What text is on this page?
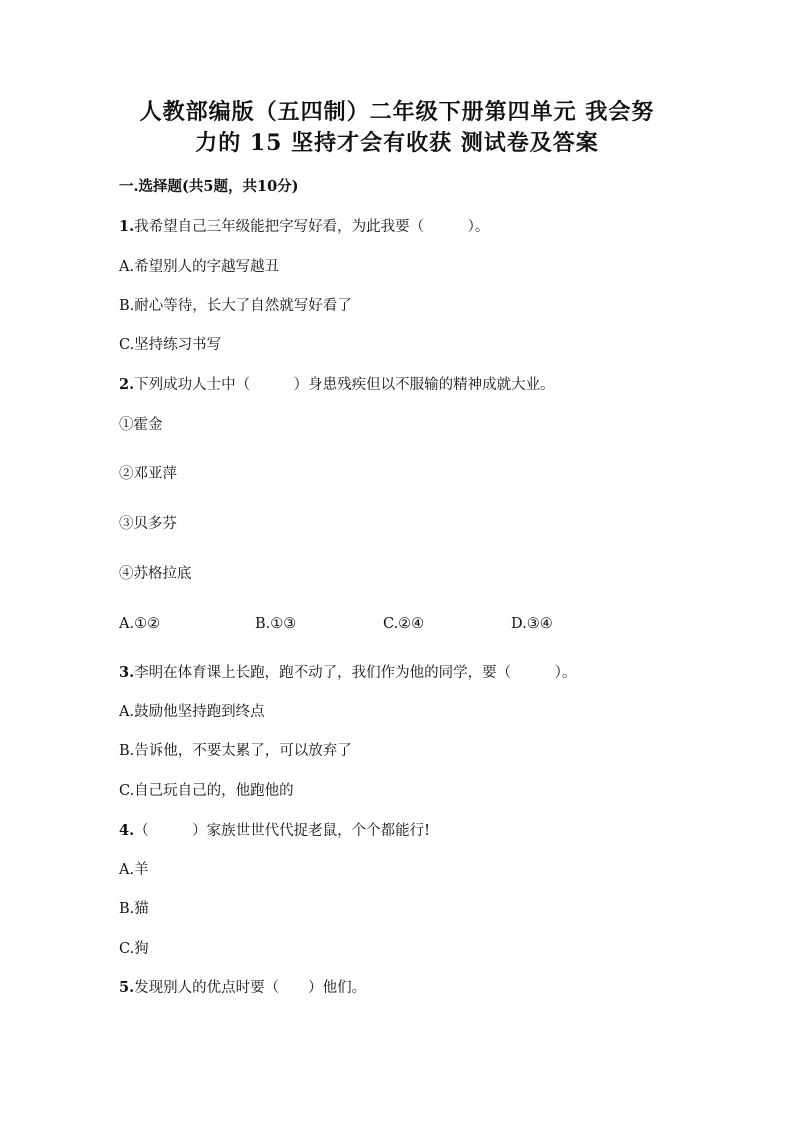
人教部编版（五四制）二年级下册第四单元 我会努
力的 15 坚持才会有收获 测试卷及答案
一.选择题(共5题，共10分)
1.我希望自己三年级能把字写好看，为此我要（　　　）。
A.希望别人的字越写越丑
B.耐心等待，长大了自然就写好看了
C.坚持练习书写
2.下列成功人士中（　　　）身患残疾但以不服输的精神成就大业。
①霍金
②邓亚萍
③贝多芬
④苏格拉底
A.①②	B.①③	C.②④	D.③④
3.李明在体育课上长跑，跑不动了，我们作为他的同学，要（　　　）。
A.鼓励他坚持跑到终点
B.告诉他，不要太累了，可以放弃了
C.自己玩自己的，他跑他的
4.（　　　）家族世世代代捉老鼠，个个都能行!
A.羊
B.猫
C.狗
5.发现别人的优点时要（　　）他们。
